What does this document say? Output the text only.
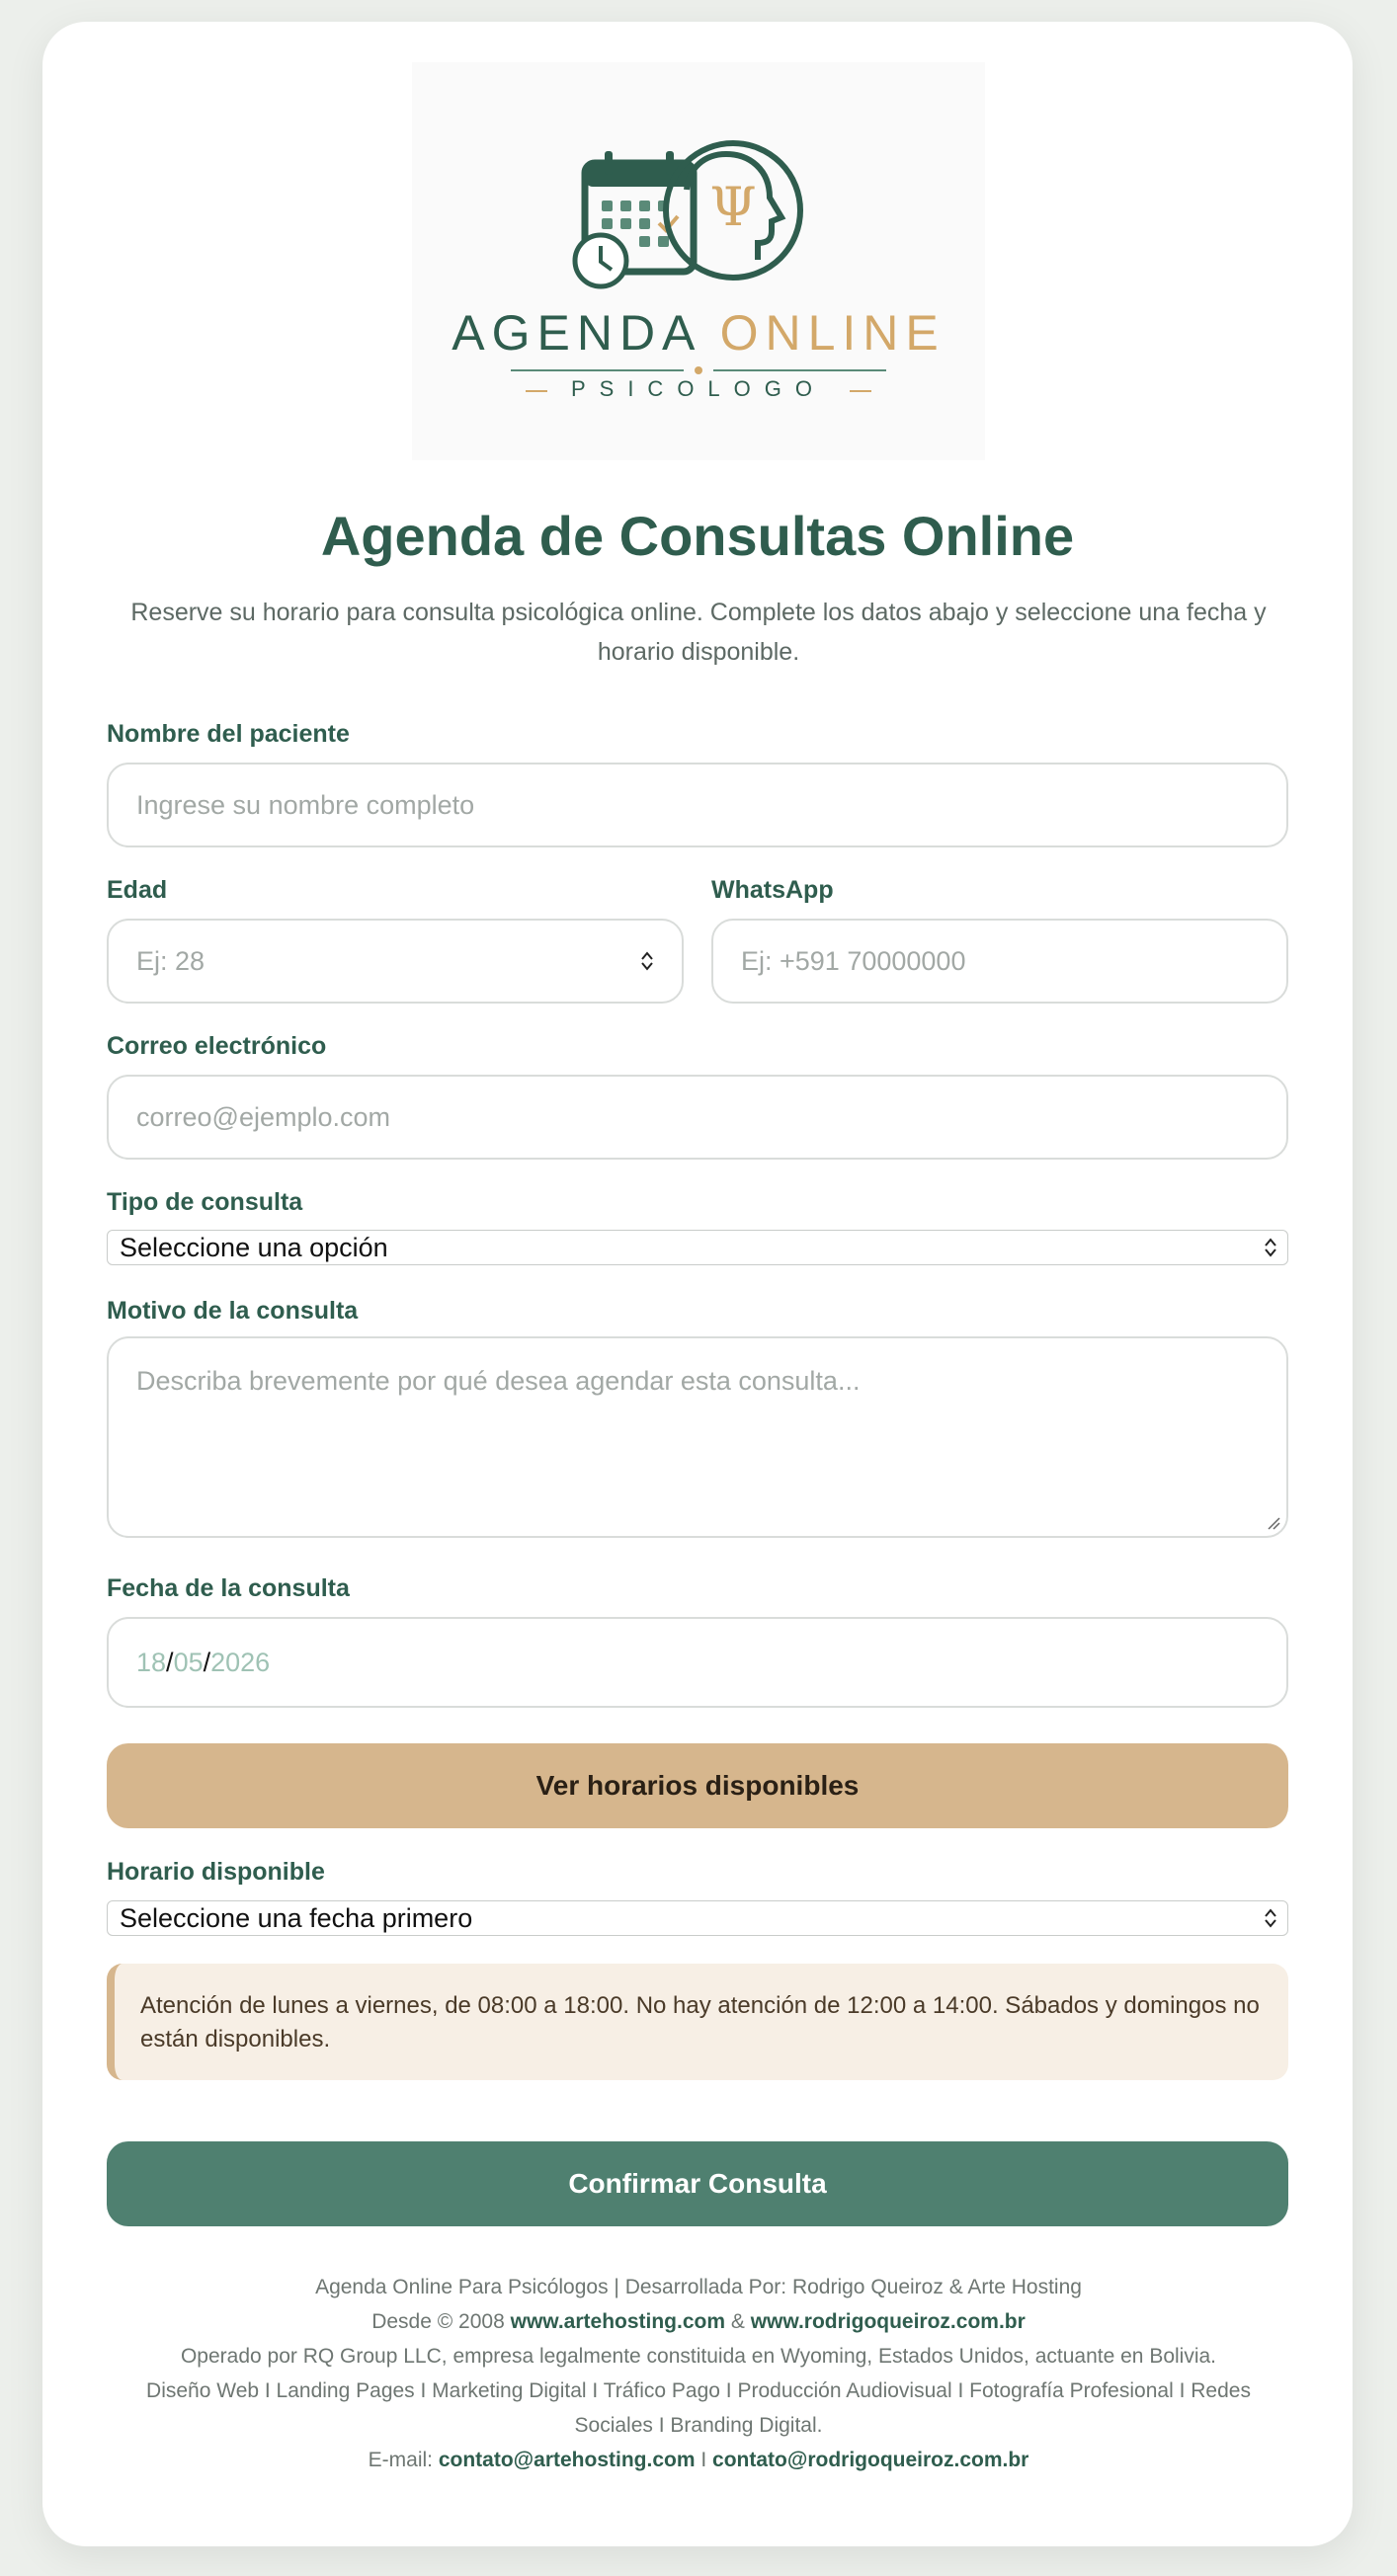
Ψ
AGENDA ONLINE
PSICOLOGO
Agenda de Consultas Online
Reserve su horario para consulta psicológica online. Complete los datos abajo y seleccione una fecha y horario disponible.
Nombre del paciente
Ingrese su nombre completo
Edad
Ej: 28
WhatsApp
Ej: +591 70000000
Correo electrónico
correo@ejemplo.com
Tipo de consulta
Seleccione una opción
Motivo de la consulta
Describa brevemente por qué desea agendar esta consulta...
Fecha de la consulta
18 / 05 / 2026
Ver horarios disponibles
Horario disponible
Seleccione una fecha primero
Atención de lunes a viernes, de 08:00 a 18:00. No hay atención de 12:00 a 14:00. Sábados y domingos no están disponibles.
Confirmar Consulta
Agenda Online Para Psicólogos | Desarrollada Por: Rodrigo Queiroz & Arte Hosting
Desde © 2008 www.artehosting.com & www.rodrigoqueiroz.com.br
Operado por RQ Group LLC, empresa legalmente constituida en Wyoming, Estados Unidos, actuante en Bolivia.
Diseño Web I Landing Pages I Marketing Digital I Tráfico Pago I Producción Audiovisual I Fotografía Profesional I Redes Sociales I Branding Digital.
E-mail: contato@artehosting.com I contato@rodrigoqueiroz.com.br
